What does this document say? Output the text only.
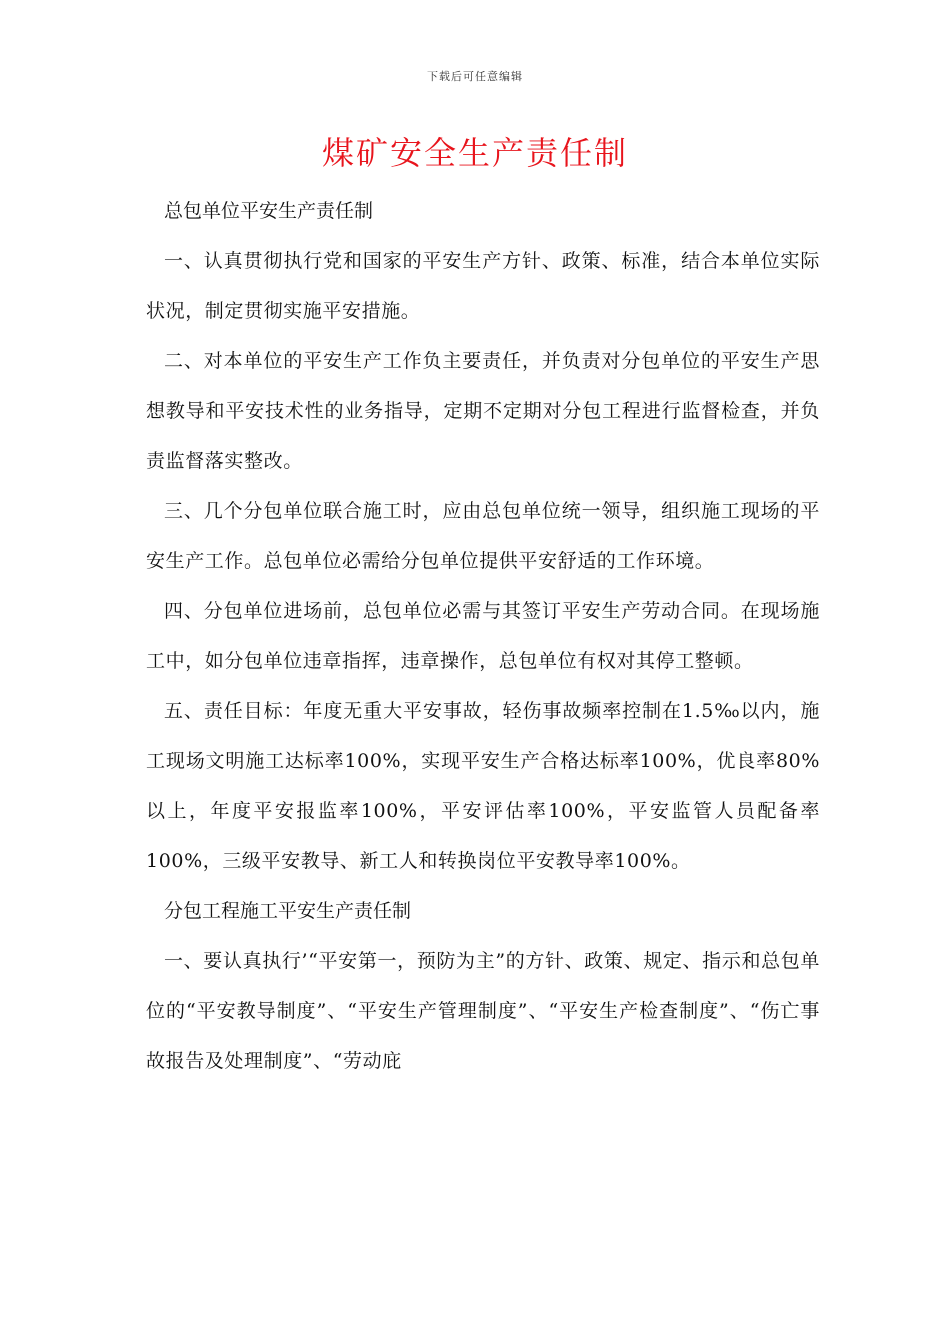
下载后可任意编辑
煤矿安全生产责任制

总包单位平安生产责任制

一、认真贯彻执行党和国家的平安生产方针、政策、标准，结合本单位实际状况，制定贯彻实施平安措施。

二、对本单位的平安生产工作负主要责任，并负责对分包单位的平安生产思想教导和平安技术性的业务指导，定期不定期对分包工程进行监督检查，并负责监督落实整改。

三、几个分包单位联合施工时，应由总包单位统一领导，组织施工现场的平安生产工作。总包单位必需给分包单位提供平安舒适的工作环境。

四、分包单位进场前，总包单位必需与其签订平安生产劳动合同。在现场施工中，如分包单位违章指挥，违章操作，总包单位有权对其停工整顿。

五、责任目标：年度无重大平安事故，轻伤事故频率控制在1.5‰以内，施工现场文明施工达标率100%，实现平安生产合格达标率100%，优良率80%以上，年度平安报监率100%，平安评估率100%，平安监管人员配备率100%，三级平安教导、新工人和转换岗位平安教导率100%。

分包工程施工平安生产责任制

一、要认真执行’“平安第一，预防为主”的方针、政策、规定、指示和总包单位的“平安教导制度”、“平安生产管理制度”、“平安生产检查制度”、“伤亡事故报告及处理制度”、“劳动庇
